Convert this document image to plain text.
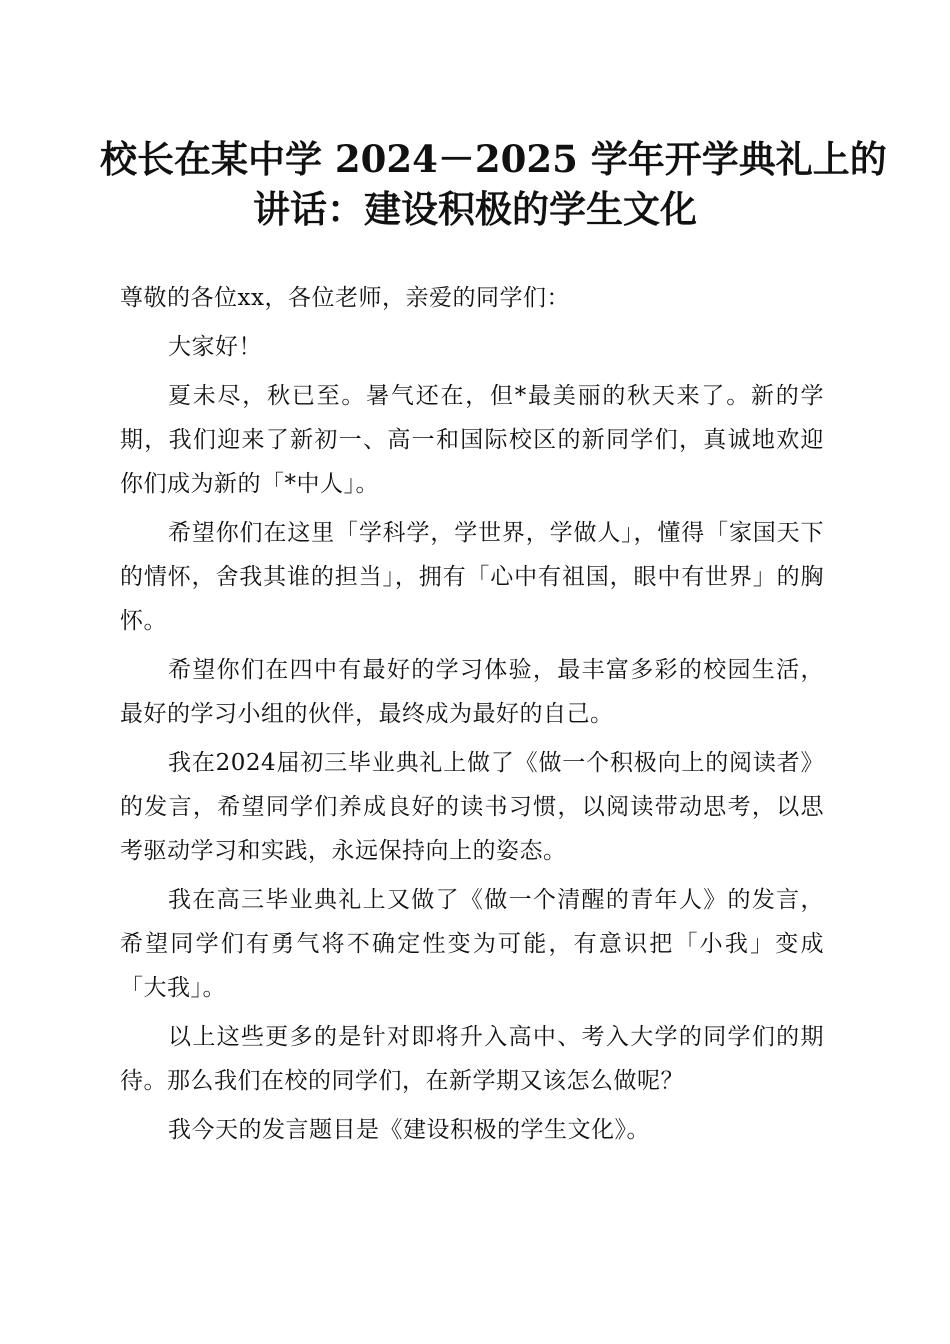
校长在某中学 2024－2025 学年开学典礼上的
讲话：建设积极的学生文化

尊敬的各位xx，各位老师，亲爱的同学们：

大家好！

夏未尽，秋已至。暑气还在，但*最美丽的秋天来了。新的学期，我们迎来了新初一、高一和国际校区的新同学们，真诚地欢迎你们成为新的「*中人」。

希望你们在这里「学科学，学世界，学做人」，懂得「家国天下的情怀，舍我其谁的担当」，拥有「心中有祖国，眼中有世界」的胸怀。

希望你们在四中有最好的学习体验，最丰富多彩的校园生活，最好的学习小组的伙伴，最终成为最好的自己。

我在2024届初三毕业典礼上做了《做一个积极向上的阅读者》的发言，希望同学们养成良好的读书习惯，以阅读带动思考，以思考驱动学习和实践，永远保持向上的姿态。

我在高三毕业典礼上又做了《做一个清醒的青年人》的发言，希望同学们有勇气将不确定性变为可能，有意识把「小我」变成「大我」。

以上这些更多的是针对即将升入高中、考入大学的同学们的期待。那么我们在校的同学们，在新学期又该怎么做呢？

我今天的发言题目是《建设积极的学生文化》。
